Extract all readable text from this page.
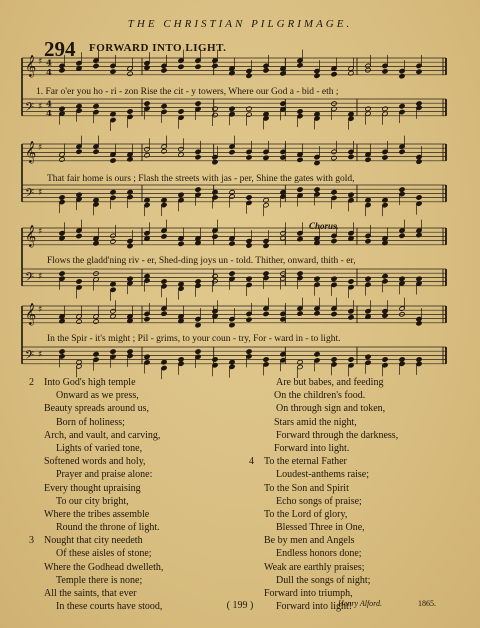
THE CHRISTIAN PILGRIMAGE.
294 FORWARD INTO LIGHT.
𝄞 ♯ 4
4
𝄢 ♯ 4
4
𝄞 ♯
𝄢 ♯
𝄞 ♯
𝄢 ♯
𝄞 ♯
𝄢 ♯
1. Far o'er you ho - ri - zon Rise the cit - y towers, Where our God a - bid - eth ;
That fair home is ours ; Flash the streets with jas - per, Shine the gates with gold,
Flows the gladd'ning riv - er, Shed-ding joys un - told. Thither, onward, thith - er,
In the Spir - it's might ; Pil - grims, to your coun - try, For - ward in - to light.
Chorus.
2 Into God's high temple
Onward as we press,
Beauty spreads around us,
Born of holiness;
Arch, and vault, and carving,
Lights of varied tone,
Softened words and holy,
Prayer and praise alone:
Every thought upraising
To our city bright,
Where the tribes assemble
Round the throne of light.
3 Nought that city needeth
Of these aisles of stone;
Where the Godhead dwelleth,
Temple there is none;
All the saints, that ever
In these courts have stood,
Are but babes, and feeding
On the children's food.
On through sign and token,
Stars amid the night,
Forward through the darkness,
Forward into light.
4 To the eternal Father
Loudest-anthems raise;
To the Son and Spirit
Echo songs of praise;
To the Lord of glory,
Blessed Three in One,
Be by men and Angels
Endless honors done;
Weak are earthly praises;
Dull the songs of night;
Forward into triumph,
Forward into light!
( 199 )	Henry Alford.	1865.
